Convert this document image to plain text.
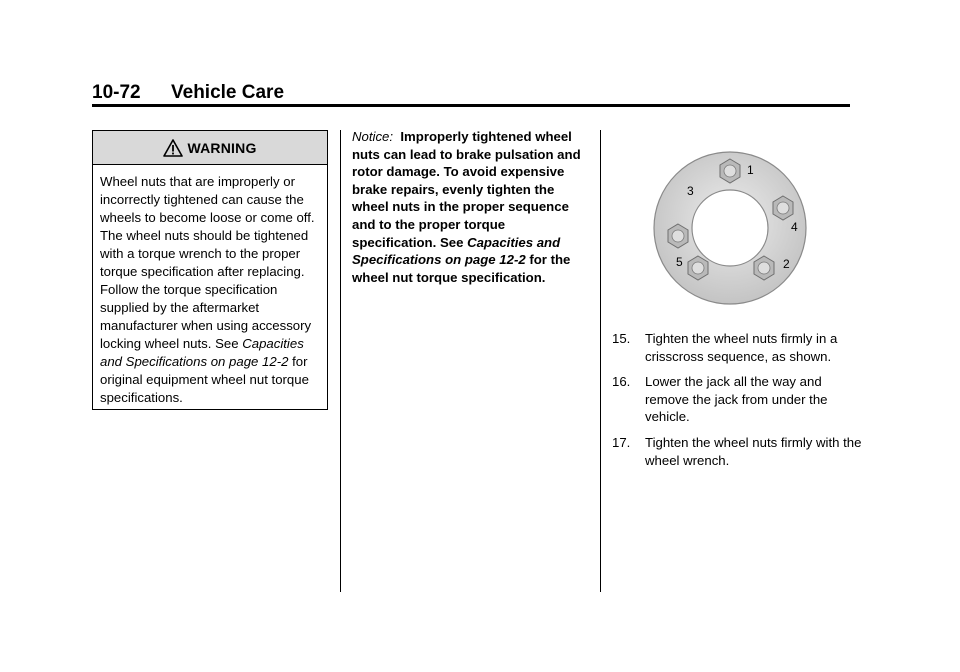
10-72 Vehicle Care
WARNING
Wheel nuts that are improperly or incorrectly tightened can cause the wheels to become loose or come off. The wheel nuts should be tightened with a torque wrench to the proper torque specification after replacing. Follow the torque specification supplied by the aftermarket manufacturer when using accessory locking wheel nuts. See Capacities and Specifications on page 12-2 for original equipment wheel nut torque specifications.
Notice: Improperly tightened wheel nuts can lead to brake pulsation and rotor damage. To avoid expensive brake repairs, evenly tighten the wheel nuts in the proper sequence and to the proper torque specification. See Capacities and Specifications on page 12-2 for the wheel nut torque specification.
1
2
3
4
5
15. Tighten the wheel nuts firmly in a crisscross sequence, as shown.
16. Lower the jack all the way and remove the jack from under the vehicle.
17. Tighten the wheel nuts firmly with the wheel wrench.
